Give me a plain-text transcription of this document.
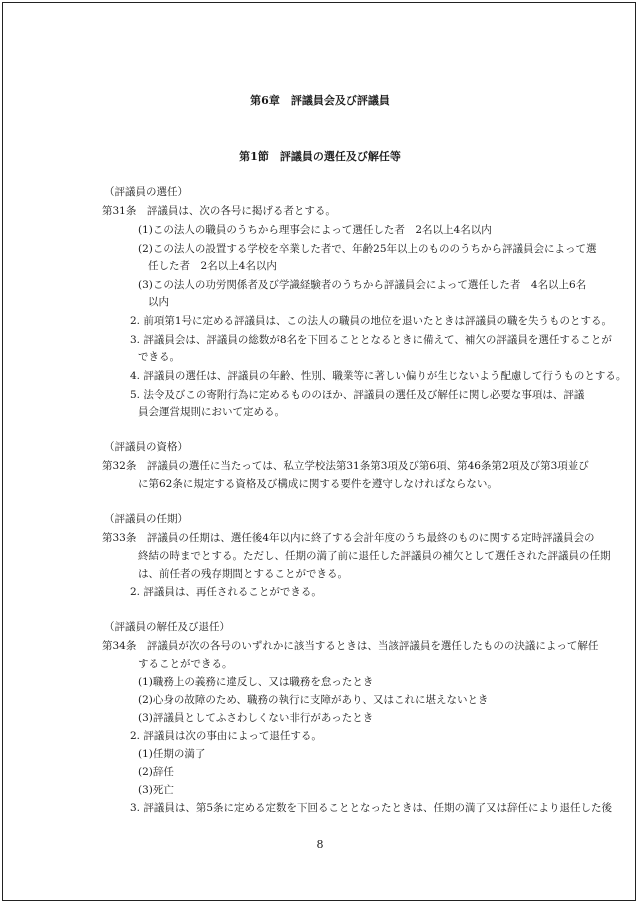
第6章　評議員会及び評議員
第1節　評議員の選任及び解任等
（評議員の選任）
第31条　評議員は、次の各号に掲げる者とする。
(1)この法人の職員のうちから理事会によって選任した者　2名以上4名以内
(2)この法人の設置する学校を卒業した者で、年齢25年以上のもののうちから評議員会によって選
任した者　2名以上4名以内
(3)この法人の功労関係者及び学識経験者のうちから評議員会によって選任した者　4名以上6名
以内
2. 前項第1号に定める評議員は、この法人の職員の地位を退いたときは評議員の職を失うものとする。
3. 評議員会は、評議員の総数が8名を下回ることとなるときに備えて、補欠の評議員を選任することが
できる。
4. 評議員の選任は、評議員の年齢、性別、職業等に著しい偏りが生じないよう配慮して行うものとする。
5. 法令及びこの寄附行為に定めるもののほか、評議員の選任及び解任に関し必要な事項は、評議
員会運営規則において定める。
（評議員の資格）
第32条　評議員の選任に当たっては、私立学校法第31条第3項及び第6項、第46条第2項及び第3項並び
に第62条に規定する資格及び構成に関する要件を遵守しなければならない。
（評議員の任期）
第33条　評議員の任期は、選任後4年以内に終了する会計年度のうち最終のものに関する定時評議員会の
終結の時までとする。ただし、任期の満了前に退任した評議員の補欠として選任された評議員の任期
は、前任者の残存期間とすることができる。
2. 評議員は、再任されることができる。
（評議員の解任及び退任）
第34条　評議員が次の各号のいずれかに該当するときは、当該評議員を選任したものの決議によって解任
することができる。
(1)職務上の義務に違反し、又は職務を怠ったとき
(2)心身の故障のため、職務の執行に支障があり、又はこれに堪えないとき
(3)評議員としてふさわしくない非行があったとき
2. 評議員は次の事由によって退任する。
(1)任期の満了
(2)辞任
(3)死亡
3. 評議員は、第5条に定める定数を下回ることとなったときは、任期の満了又は辞任により退任した後
8
